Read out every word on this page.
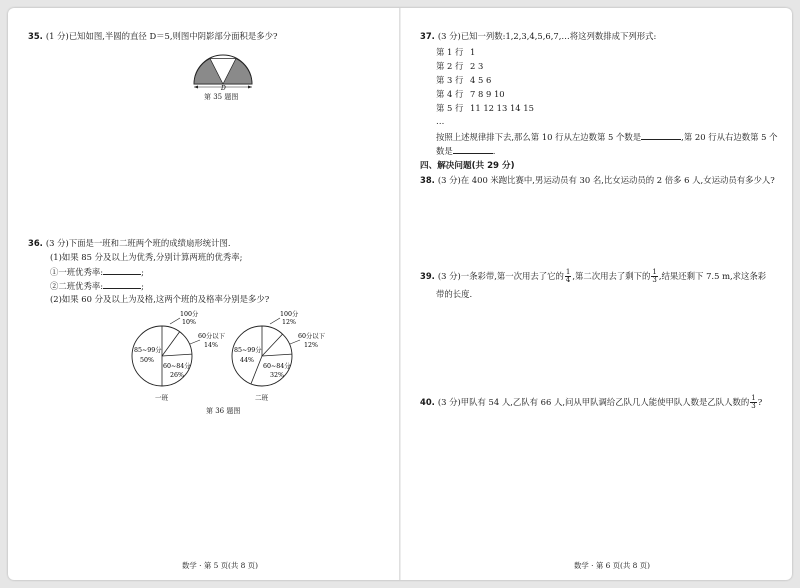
35. (1 分)已知如图,半圆的直径 D＝5,则图中阴影部分面积是多少?
D
第 35 题图
36. (3 分)下面是一班和二班两个班的成绩扇形统计图.
(1)如果 85 分及以上为优秀,分别计算两班的优秀率;
①一班优秀率:	;
②二班优秀率:	;
(2)如果 60 分及以上为及格,这两个班的及格率分别是多少?
100分
10%
60分以下
14%
60~84分
26%
85~99分
50%
一班
100分
12%
60分以下
12%
60~84分
32%
85~99分
44%
二班
第 36 题图
数学 · 第 5 页(共 8 页)
37. (3 分)已知一列数:1,2,3,4,5,6,7,…将这列数排成下列形式:
第 1 行 1
第 2 行 2 3
第 3 行 4 5 6
第 4 行 7 8 9 10
第 5 行 11 12 13 14 15
…
按照上述规律排下去,那么第 10 行从左边数第 5 个数是	,第 20 行从右边数第 5 个
数是	.
四、解决问题(共 29 分)
38. (3 分)在 400 米跑比赛中,男运动员有 30 名,比女运动员的 2 倍多 6 人,女运动员有多少人?
39. (3 分)一条彩带,第一次用去了它的 $\frac{1}{4}$ ,第二次用去了剩下的 $\frac{1}{3}$ ,结果还剩下 7.5 m,求这条彩
带的长度.
40. (3 分)甲队有 54 人,乙队有 66 人,问从甲队调给乙队几人能使甲队人数是乙队人数的 $\frac{1}{3}$ ?
数学 · 第 6 页(共 8 页)
